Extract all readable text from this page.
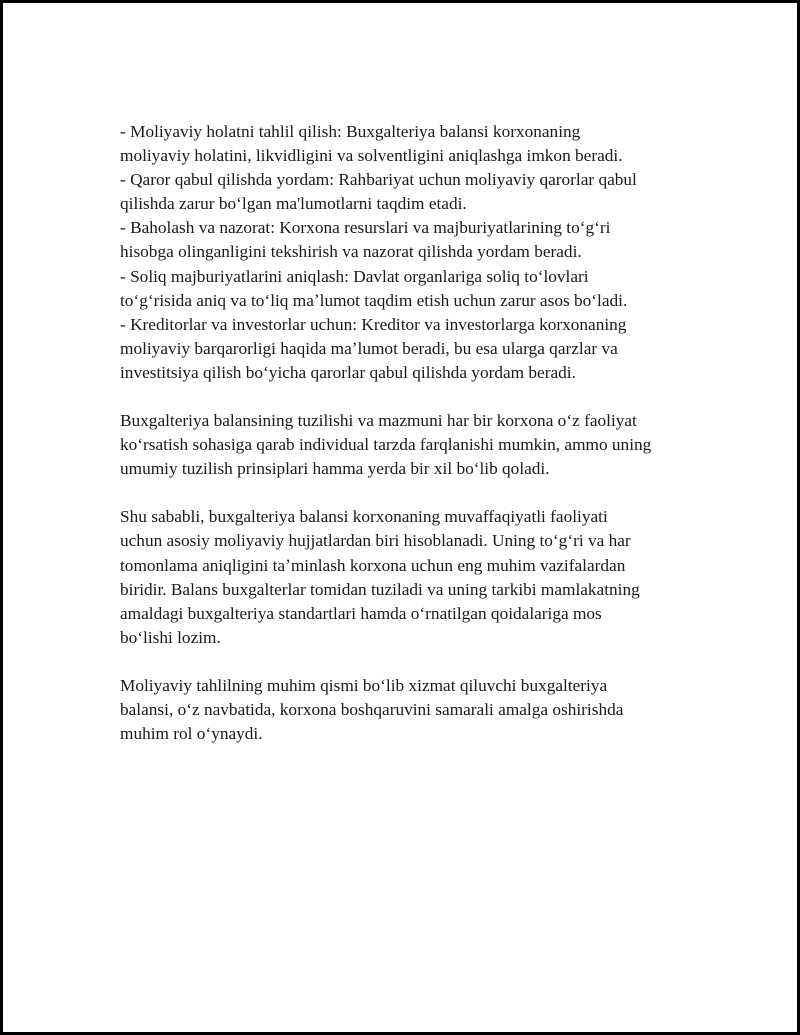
- Moliyaviy holatni tahlil qilish: Buxgalteriya balansi korxonaning
moliyaviy holatini, likvidligini va solventligini aniqlashga imkon beradi.
- Qaror qabul qilishda yordam: Rahbariyat uchun moliyaviy qarorlar qabul
qilishda zarur boʻlgan ma'lumotlarni taqdim etadi.
- Baholash va nazorat: Korxona resurslari va majburiyatlarining toʻgʻri
hisobga olinganligini tekshirish va nazorat qilishda yordam beradi.
- Soliq majburiyatlarini aniqlash: Davlat organlariga soliq toʻlovlari
toʻgʻrisida aniq va toʻliq maʼlumot taqdim etish uchun zarur asos boʻladi.
- Kreditorlar va investorlar uchun: Kreditor va investorlarga korxonaning
moliyaviy barqarorligi haqida maʼlumot beradi, bu esa ularga qarzlar va
investitsiya qilish boʻyicha qarorlar qabul qilishda yordam beradi.

Buxgalteriya balansining tuzilishi va mazmuni har bir korxona oʻz faoliyat
koʻrsatish sohasiga qarab individual tarzda farqlanishi mumkin, ammo uning
umumiy tuzilish prinsiplari hamma yerda bir xil boʻlib qoladi.

Shu sababli, buxgalteriya balansi korxonaning muvaffaqiyatli faoliyati
uchun asosiy moliyaviy hujjatlardan biri hisoblanadi. Uning toʻgʻri va har
tomonlama aniqligini taʼminlash korxona uchun eng muhim vazifalardan
biridir. Balans buxgalterlar tomidan tuziladi va uning tarkibi mamlakatning
amaldagi buxgalteriya standartlari hamda oʻrnatilgan qoidalariga mos
boʻlishi lozim.

Moliyaviy tahlilning muhim qismi boʻlib xizmat qiluvchi buxgalteriya
balansi, oʻz navbatida, korxona boshqaruvini samarali amalga oshirishda
muhim rol oʻynaydi.
